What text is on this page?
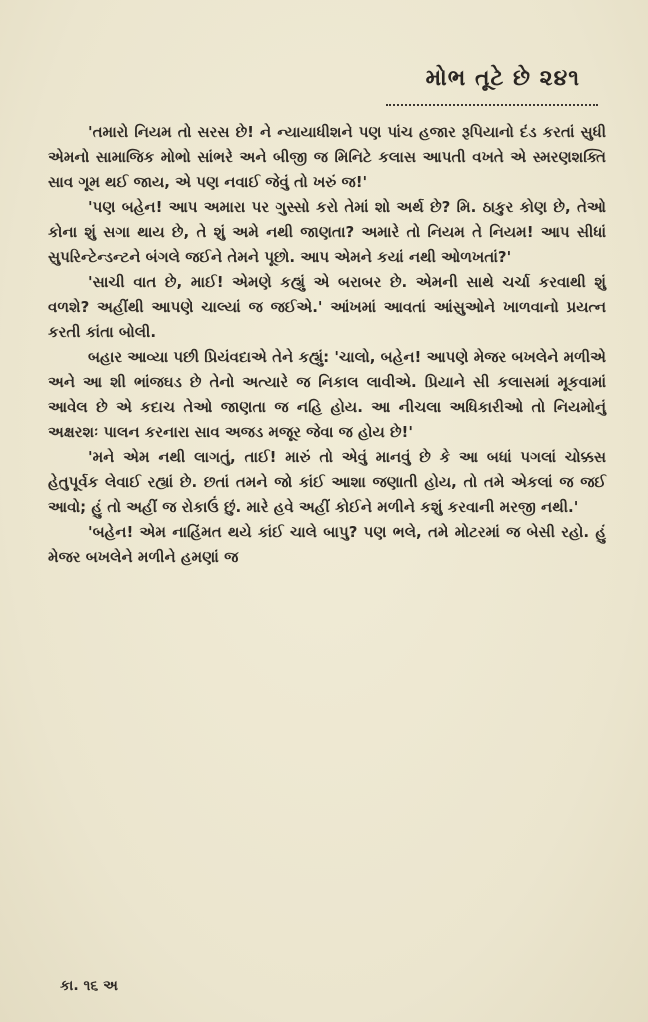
મોભ તૂટે છે ૨૪૧

'તમારો નિયમ તો સરસ છે! ને ન્યાયાધીશને પણ પાંચ હજાર રૂપિયાનો દંડ કરતાં સુધી એમનો સામાજિક મોભો સાંભરે અને બીજી જ મિનિટે કલાસ આપતી વખતે એ સ્મરણશક્તિ સાવ ગૂમ થઈ જાય, એ પણ નવાઈ જેવું તો ખરું જ!'

'પણ બહેન! આપ અમારા પર ગુસ્સો કરો તેમાં શો અર્થ છે? મિ. ઠાકુર કોણ છે, તેઓ કોના શું સગા થાય છે, તે શું અમે નથી જાણતા? અમારે તો નિયમ તે નિયમ! આપ સીધાં સુપરિન્ટેન્ડન્ટને બંગલે જઈને તેમને પૂછો. આપ એમને કયાં નથી ઓળખતાં?'

'સાચી વાત છે, માઈ! એમણે કહ્યું એ બરાબર છે. એમની સાથે ચર્ચા કરવાથી શું વળશે? અહીંથી આપણે ચાલ્યાં જ જઈએ.' આંખમાં આવતાં આંસુઓને ખાળવાનો પ્રયત્ન કરતી કાંતા બોલી.

બહાર આવ્યા પછી પ્રિયંવદાએ તેને કહ્યું: 'ચાલો, બહેન! આપણે મેજર બખલેને મળીએ અને આ શી ભાંજઘડ છે તેનો અત્યારે જ નિકાલ લાવીએ. પ્રિયાને સી કલાસમાં મૂકવામાં આવેલ છે એ કદાચ તેઓ જાણતા જ નહિ હોય. આ નીચલા અધિકારીઓ તો નિયમોનું અક્ષરશઃ પાલન કરનારા સાવ અજડ મજૂર જેવા જ હોય છે!'

'મને એમ નથી લાગતું, તાઈ! મારું તો એવું માનવું છે કે આ બધાં પગલાં ચોક્કસ હેતુપૂર્વક લેવાઈ રહ્યાં છે. છતાં તમને જો કાંઈ આશા જણાતી હોય, તો તમે એકલાં જ જઈ આવો; હું તો અહીં જ રોકાઉં છું. મારે હવે અહીં કોઈને મળીને કશું કરવાની મરજી નથી.'

'બહેન! એમ નાહિંમત થયે કાંઈ ચાલે બાપુ? પણ ભલે, તમે મોટરમાં જ બેસી રહો. હું મેજર બખલેને મળીને હમણાં જ

કા. ૧૬ અ
